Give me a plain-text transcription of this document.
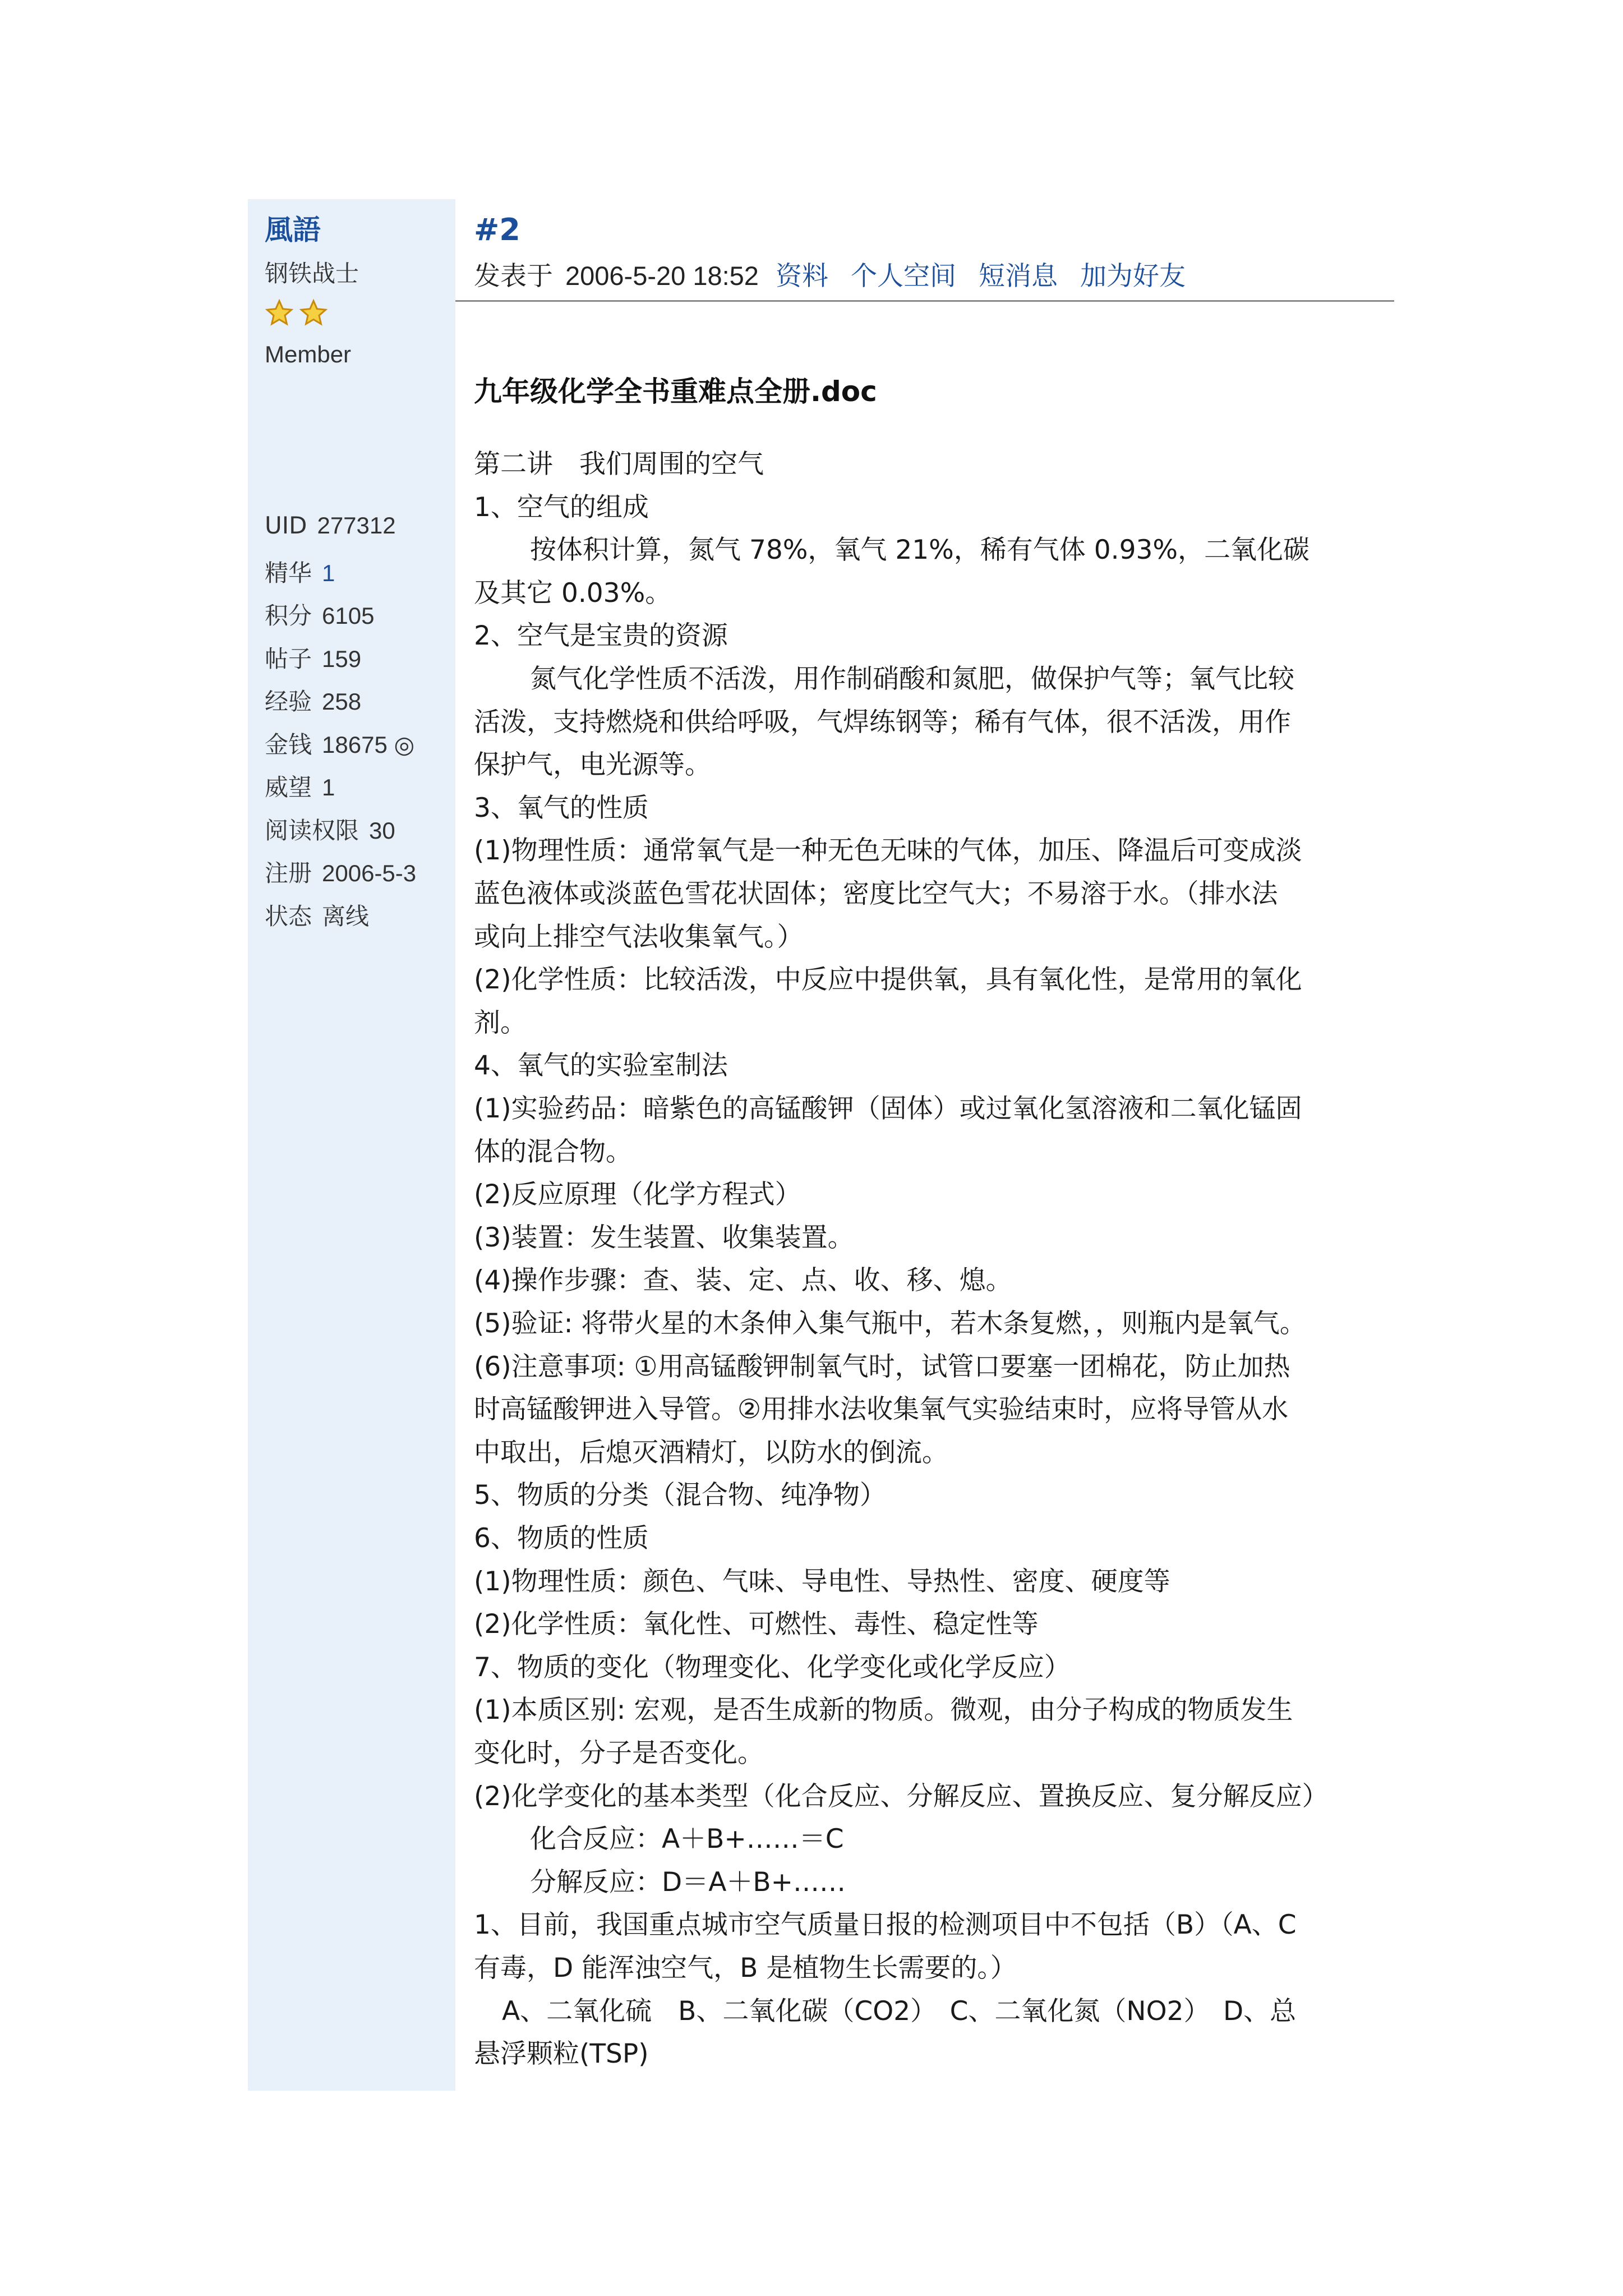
風語
钢铁战士

Member
UID 277312
精华 1
积分 6105
帖子 159
经验 258
金钱 18675 ◎
威望 1
阅读权限 30
注册 2006-5-3
状态 离线
#2
发表于 2006-5-20 18:52 资料 个人空间 短消息 加为好友
九年级化学全书重难点全册.doc
第二讲　我们周围的空气
1、空气的组成
按体积计算，氮气 78%，氧气 21%，稀有气体 0.93%，二氧化碳
及其它 0.03%。
2、空气是宝贵的资源
氮气化学性质不活泼，用作制硝酸和氮肥，做保护气等；氧气比较
活泼，支持燃烧和供给呼吸，气焊练钢等；稀有气体，很不活泼，用作
保护气，电光源等。
3、氧气的性质
(1)物理性质：通常氧气是一种无色无味的气体，加压、降温后可变成淡
蓝色液体或淡蓝色雪花状固体；密度比空气大；不易溶于水。（排水法
或向上排空气法收集氧气。）
(2)化学性质：比较活泼，中反应中提供氧，具有氧化性，是常用的氧化
剂。
4、氧气的实验室制法
(1)实验药品：暗紫色的高锰酸钾（固体）或过氧化氢溶液和二氧化锰固
体的混合物。
(2)反应原理（化学方程式）
(3)装置：发生装置、收集装置。
(4)操作步骤：查、装、定、点、收、移、熄。
(5)验证: 将带火星的木条伸入集气瓶中，若木条复燃，，则瓶内是氧气。
(6)注意事项: ①用高锰酸钾制氧气时，试管口要塞一团棉花，防止加热
时高锰酸钾进入导管。②用排水法收集氧气实验结束时，应将导管从水
中取出，后熄灭酒精灯，以防水的倒流。
5、物质的分类（混合物、纯净物）
6、物质的性质
(1)物理性质：颜色、气味、导电性、导热性、密度、硬度等
(2)化学性质：氧化性、可燃性、毒性、稳定性等
7、物质的变化（物理变化、化学变化或化学反应）
(1)本质区别: 宏观，是否生成新的物质。微观，由分子构成的物质发生
变化时，分子是否变化。
(2)化学变化的基本类型（化合反应、分解反应、置换反应、复分解反应）
化合反应：A＋B+……＝C
分解反应：D＝A＋B+……
1、目前，我国重点城市空气质量日报的检测项目中不包括（B）（A、C
有毒，D 能浑浊空气，B 是植物生长需要的。）
A、二氧化硫　B、二氧化碳（CO2）　C、二氧化氮（NO2）　D、总
悬浮颗粒(TSP)
